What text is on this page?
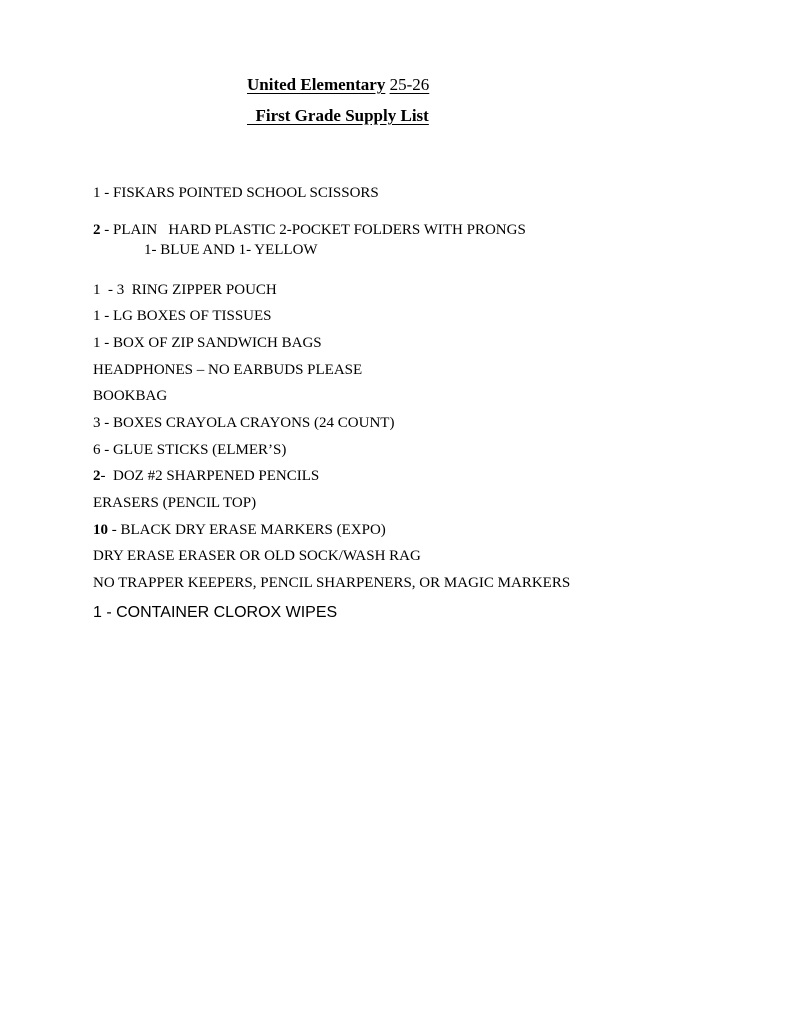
United Elementary 25-26
First Grade Supply List
1 - FISKARS POINTED SCHOOL SCISSORS
2 - PLAIN   HARD PLASTIC 2-POCKET FOLDERS WITH PRONGS
1- BLUE AND 1- YELLOW
1  - 3  RING ZIPPER POUCH
1 - LG BOXES OF TISSUES
1 - BOX OF ZIP SANDWICH BAGS
HEADPHONES – NO EARBUDS PLEASE
BOOKBAG
3 - BOXES CRAYOLA CRAYONS (24 COUNT)
6 - GLUE STICKS (ELMER’S)
2-  DOZ #2 SHARPENED PENCILS
ERASERS (PENCIL TOP)
10 - BLACK DRY ERASE MARKERS (EXPO)
DRY ERASE ERASER OR OLD SOCK/WASH RAG
NO TRAPPER KEEPERS, PENCIL SHARPENERS, OR MAGIC MARKERS
1 - CONTAINER CLOROX WIPES
